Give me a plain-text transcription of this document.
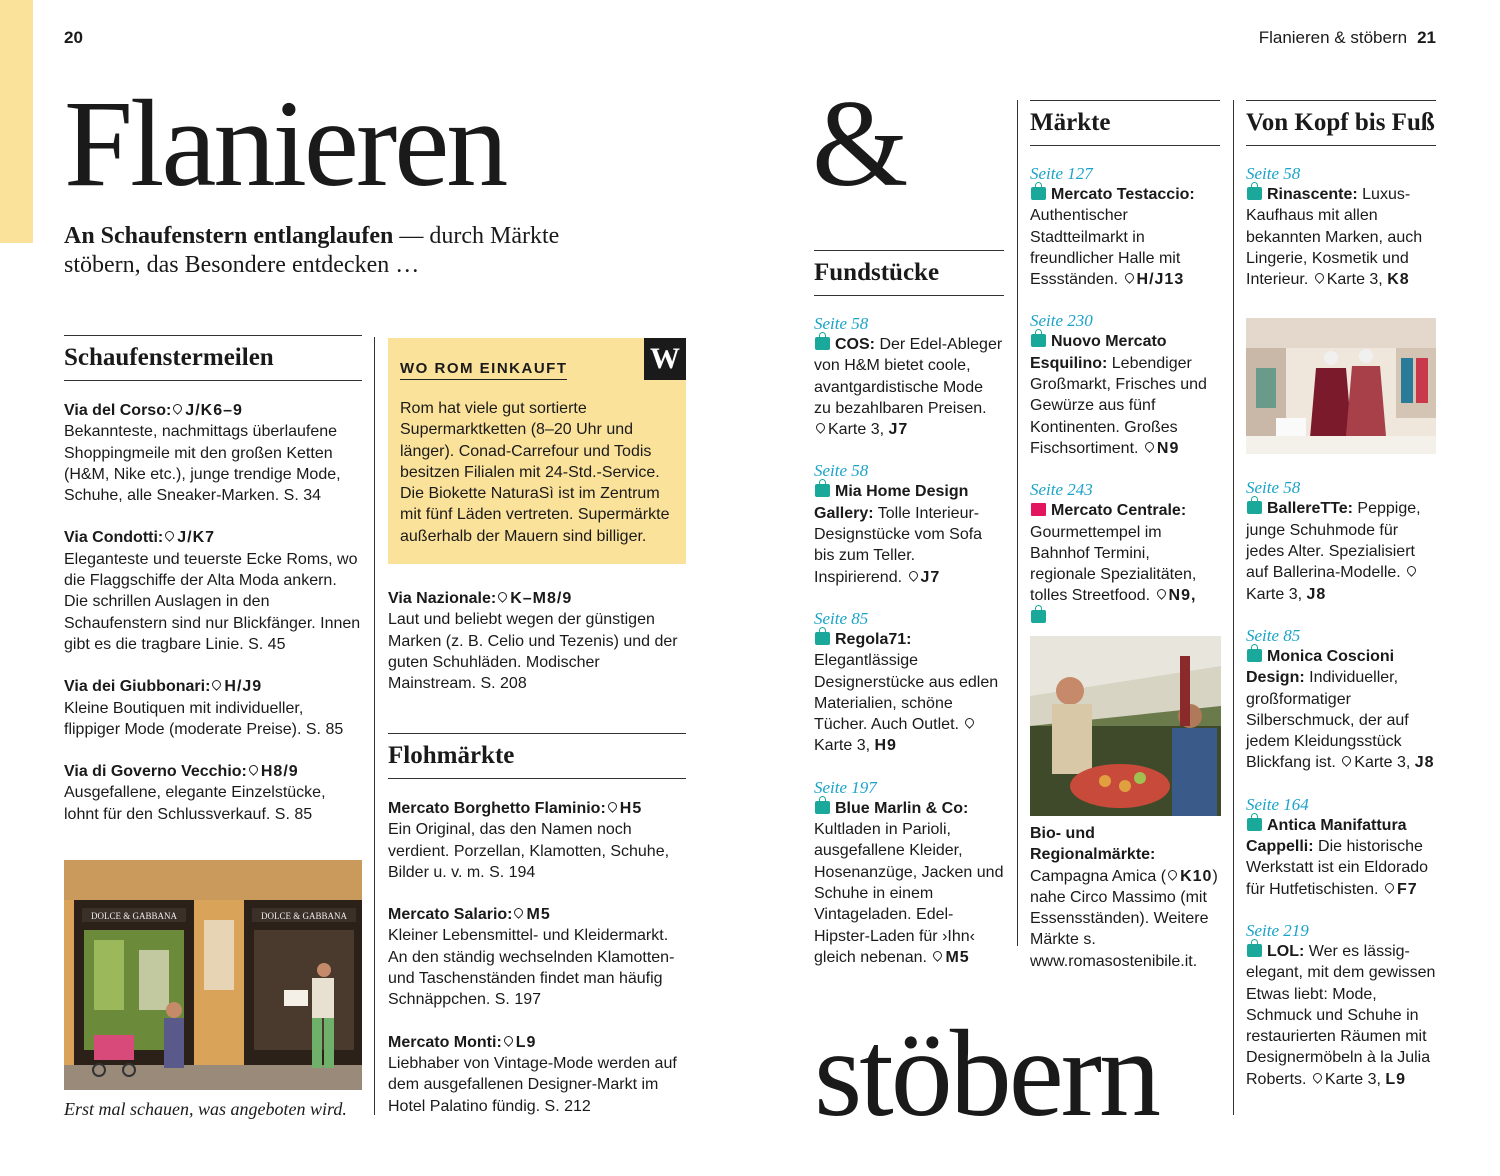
20	Flanieren & stöbern 21
Flanieren &
stöbern
An Schaufenstern entlanglaufen — durch Märkte
stöbern, das Besondere entdecken …
Schaufenstermeilen
Via del Corso: J/K6–9
Bekannteste, nachmittags überlaufene Shoppingmeile mit den großen Ketten (H&M, Nike etc.), junge trendige Mode, Schuhe, alle Sneaker-Marken. S. 34
Via Condotti: J/K7
Eleganteste und teuerste Ecke Roms, wo die Flaggschiffe der Alta Moda ankern. Die schrillen Auslagen in den Schaufenstern sind nur Blickfänger. Innen gibt es die tragbare Linie. S. 45
Via dei Giubbonari: H/J9
Kleine Boutiquen mit individueller, flippiger Mode (moderate Preise). S. 85
Via di Governo Vecchio: H8/9
Ausgefallene, elegante Einzelstücke, lohnt für den Schlussverkauf. S. 85
DOLCE & GABBANA	DOLCE & GABBANA
Erst mal schauen, was angeboten wird.
W
WO ROM EINKAUFT
Rom hat viele gut sortierte Supermarktketten (8–20 Uhr und länger). Conad-Carrefour und Todis besitzen Filialen mit 24-Std.-Service. Die Biokette NaturaSì ist im Zentrum mit fünf Läden vertreten. Supermärkte außerhalb der Mauern sind billiger.
Via Nazionale: K–M8/9
Laut und beliebt wegen der günstigen Marken (z. B. Celio und Tezenis) und der guten Schuhläden. Modischer Mainstream. S. 208
Flohmärkte
Mercato Borghetto Flaminio: H5
Ein Original, das den Namen noch verdient. Porzellan, Klamotten, Schuhe, Bilder u. v. m. S. 194
Mercato Salario: M5
Kleiner Lebensmittel- und Kleidermarkt. An den ständig wechselnden Klamotten- und Taschenständen findet man häufig Schnäppchen. S. 197
Mercato Monti: L9
Liebhaber von Vintage-Mode werden auf dem ausgefallenen Designer-Markt im Hotel Palatino fündig. S. 212
Fundstücke
Seite 58
COS: Der Edel-Ableger von H&M bietet coole, avantgardistische Mode zu bezahlbaren Preisen. Karte 3, J7
Seite 58
Mia Home Design Gallery: Tolle Interieur-Designstücke vom Sofa bis zum Teller. Inspirierend. J7
Seite 85
Regola71: Elegantlässige Designerstücke aus edlen Materialien, schöne Tücher. Auch Outlet. Karte 3, H9
Seite 197
Blue Marlin & Co: Kultladen in Parioli, ausgefallene Kleider, Hosenanzüge, Jacken und Schuhe in einem Vintageladen. Edel-Hipster-Laden für ›Ihn‹ gleich nebenan. M5
Märkte
Seite 127
Mercato Testaccio: Authentischer Stadtteilmarkt in freundlicher Halle mit Essständen. H/J13
Seite 230
Nuovo Mercato Esquilino: Lebendiger Großmarkt, Frisches und Gewürze aus fünf Kontinenten. Großes Fischsortiment. N9
Seite 243
Mercato Centrale: Gourmettempel im Bahnhof Termini, regionale Spezialitäten, tolles Streetfood. N9,
Bio- und Regionalmärkte: Campagna Amica ( K10) nahe Circo Massimo (mit Essensständen). Weitere Märkte s. www.romasostenibile.it.
Von Kopf bis Fuß
Seite 58
Rinascente: Luxus-Kaufhaus mit allen bekannten Marken, auch Lingerie, Kosmetik und Interieur. Karte 3, K8
Seite 58
BallereTTe: Peppige, junge Schuhmode für jedes Alter. Spezialisiert auf Ballerina-Modelle. Karte 3, J8
Seite 85
Monica Coscioni Design: Individueller, großformatiger Silberschmuck, der auf jedem Kleidungsstück Blickfang ist. Karte 3, J8
Seite 164
Antica Manifattura Cappelli: Die historische Werkstatt ist ein Eldorado für Hutfetischisten. F7
Seite 219
LOL: Wer es lässig-elegant, mit dem gewissen Etwas liebt: Mode, Schmuck und Schuhe in restaurierten Räumen mit Designermöbeln à la Julia Roberts. Karte 3, L9
